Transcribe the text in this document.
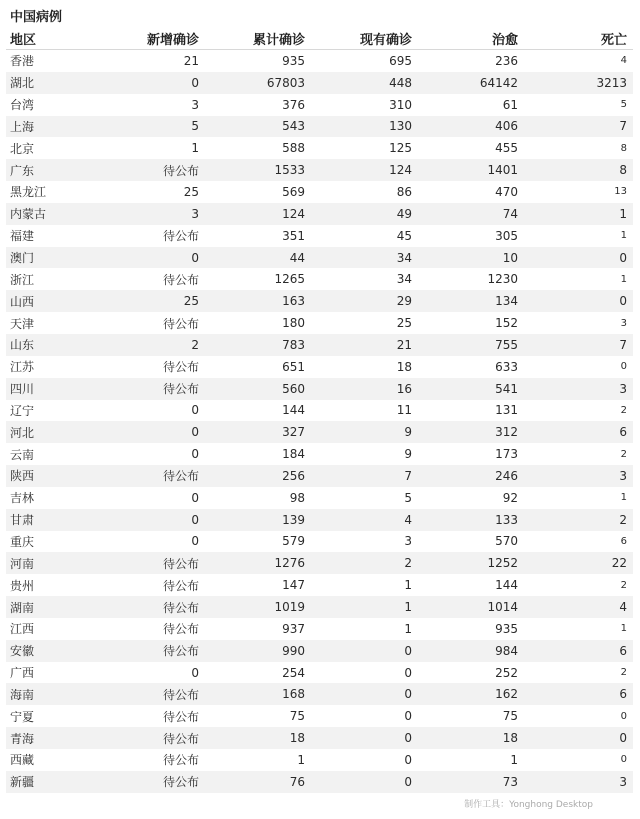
中国病例
地区	新增确诊	累计确诊	现有确诊	治愈	死亡
香港	21	935	695	236	4
湖北	0	67803	448	64142	3213
台湾	3	376	310	61	5
上海	5	543	130	406	7
北京	1	588	125	455	8
广东	待公布	1533	124	1401	8
黑龙江	25	569	86	470	13
内蒙古	3	124	49	74	1
福建	待公布	351	45	305	1
澳门	0	44	34	10	0
浙江	待公布	1265	34	1230	1
山西	25	163	29	134	0
天津	待公布	180	25	152	3
山东	2	783	21	755	7
江苏	待公布	651	18	633	0
四川	待公布	560	16	541	3
辽宁	0	144	11	131	2
河北	0	327	9	312	6
云南	0	184	9	173	2
陕西	待公布	256	7	246	3
吉林	0	98	5	92	1
甘肃	0	139	4	133	2
重庆	0	579	3	570	6
河南	待公布	1276	2	1252	22
贵州	待公布	147	1	144	2
湖南	待公布	1019	1	1014	4
江西	待公布	937	1	935	1
安徽	待公布	990	0	984	6
广西	0	254	0	252	2
海南	待公布	168	0	162	6
宁夏	待公布	75	0	75	0
青海	待公布	18	0	18	0
西藏	待公布	1	0	1	0
新疆	待公布	76	0	73	3
制作工具：Yonghong Desktop
